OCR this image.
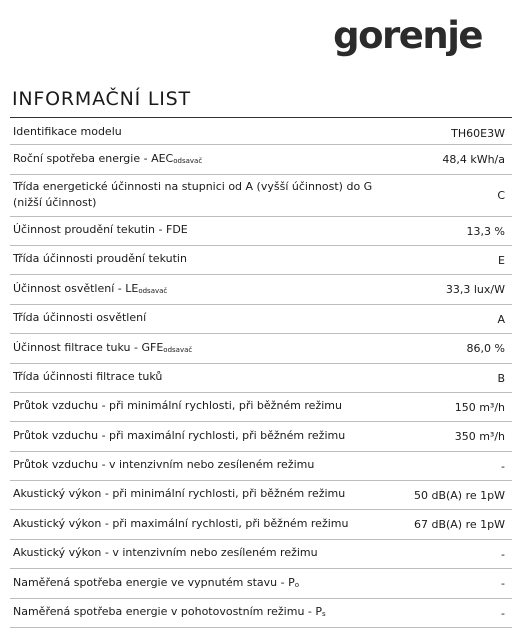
gorenje
INFORMAČNÍ LIST
Identifikace modelu	TH60E3W
Roční spotřeba energie - AECodsavač	48,4 kWh/a
Třída energetické účinnosti na stupnici od A (vyšší účinnost) do G (nižší účinnost)	C
Účinnost proudění tekutin - FDE	13,3 %
Třída účinnosti proudění tekutin	E
Účinnost osvětlení - LEodsavač	33,3 lux/W
Třída účinnosti osvětlení	A
Účinnost filtrace tuku - GFEodsavač	86,0 %
Třída účinnosti filtrace tuků	B
Průtok vzduchu - při minimální rychlosti, při běžném režimu	150 m³/h
Průtok vzduchu - při maximální rychlosti, při běžném režimu	350 m³/h
Průtok vzduchu - v intenzivním nebo zesíleném režimu	-
Akustický výkon - při minimální rychlosti, při běžném režimu	50 dB(A) re 1pW
Akustický výkon - při maximální rychlosti, při běžném režimu	67 dB(A) re 1pW
Akustický výkon - v intenzivním nebo zesíleném režimu	-
Naměřená spotřeba energie ve vypnutém stavu - Po	-
Naměřená spotřeba energie v pohotovostním režimu - Ps	-
